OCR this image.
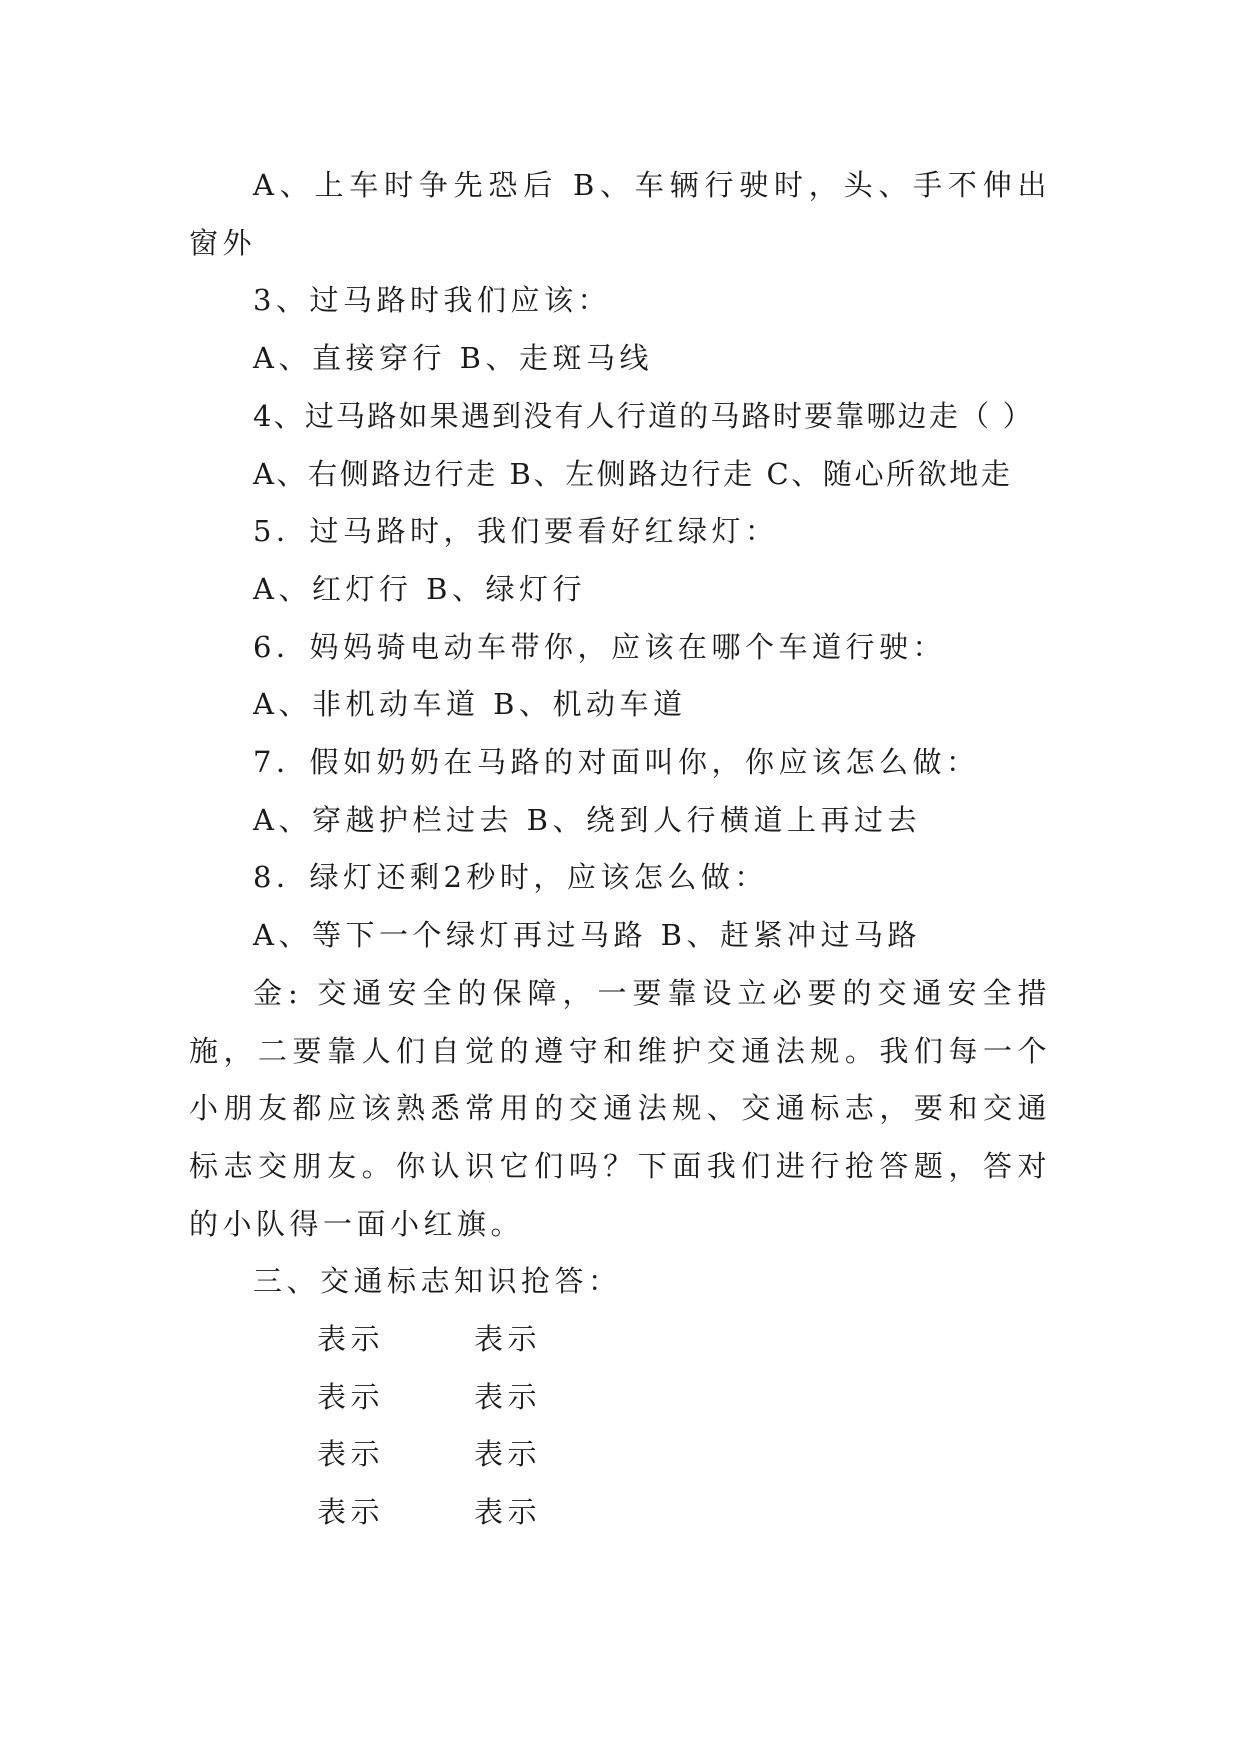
A、上车时争先恐后 B、车辆行驶时，头、手不伸出窗外

3、过马路时我们应该：

A、直接穿行 B、走斑马线

4、过马路如果遇到没有人行道的马路时要靠哪边走（ ）

A、右侧路边行走 B、左侧路边行走 C、随心所欲地走

5．过马路时，我们要看好红绿灯：

A、红灯行 B、绿灯行

6．妈妈骑电动车带你，应该在哪个车道行驶：

A、非机动车道 B、机动车道

7．假如奶奶在马路的对面叫你，你应该怎么做：

A、穿越护栏过去 B、绕到人行横道上再过去

8．绿灯还剩2秒时，应该怎么做：

A、等下一个绿灯再过马路 B、赶紧冲过马路

金: 交通安全的保障，一要靠设立必要的交通安全措施，二要靠人们自觉的遵守和维护交通法规。我们每一个小朋友都应该熟悉常用的交通法规、交通标志，要和交通标志交朋友。你认识它们吗？下面我们进行抢答题，答对的小队得一面小红旗。

三、交通标志知识抢答：

表示	表示

表示	表示

表示	表示

表示	表示
